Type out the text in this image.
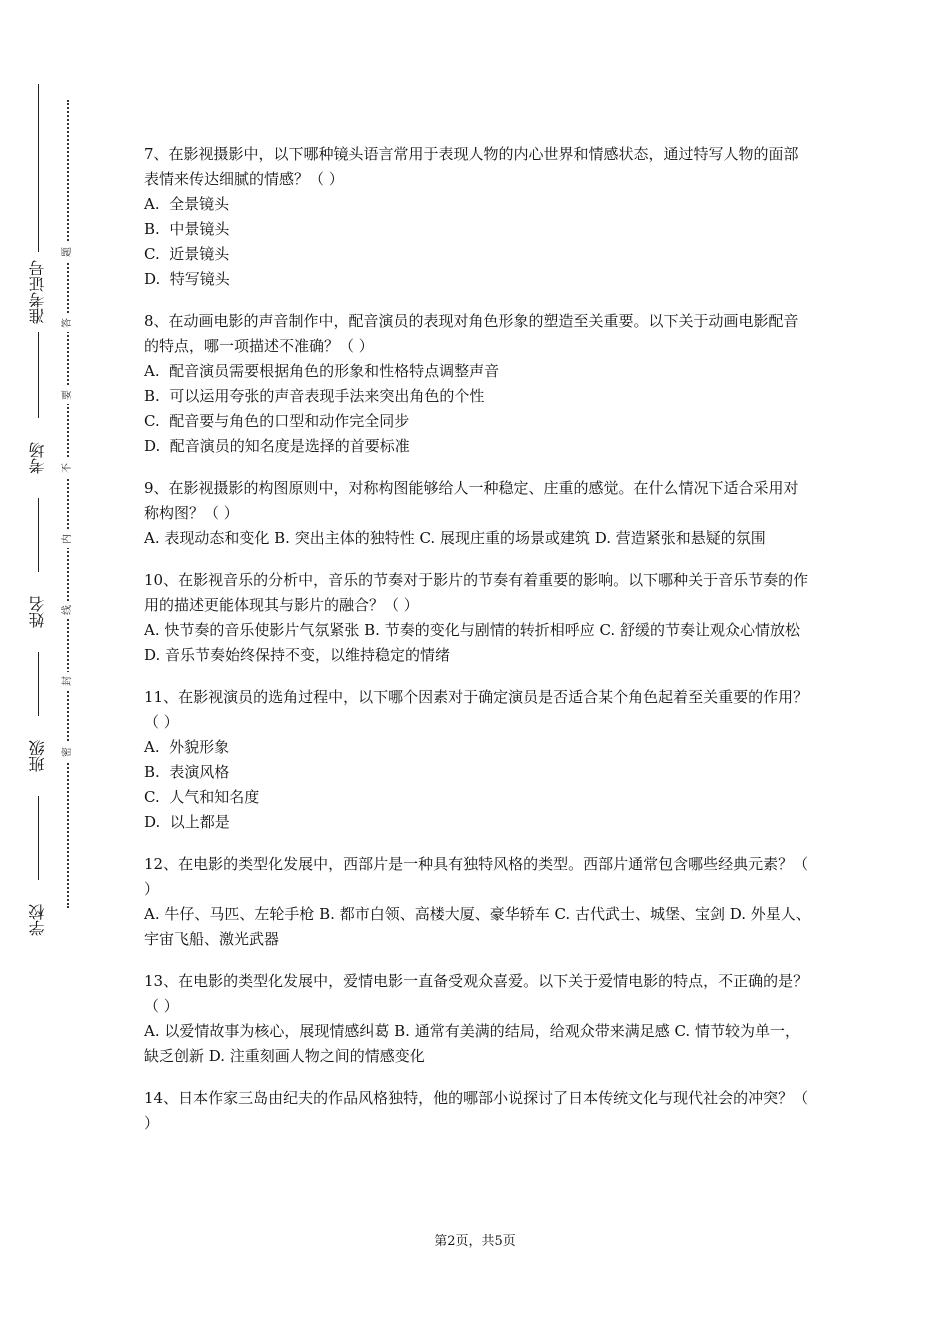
准考证号
考场
姓名
班级
学校
题
答
要
不
内
线
封
密

7、在影视摄影中，以下哪种镜头语言常用于表现人物的内心世界和情感状态，通过特写人物的面部表情来传达细腻的情感？（ ）

A.  全景镜头

B.  中景镜头

C.  近景镜头

D.  特写镜头

8、在动画电影的声音制作中，配音演员的表现对角色形象的塑造至关重要。以下关于动画电影配音的特点，哪一项描述不准确？（ ）

A.  配音演员需要根据角色的形象和性格特点调整声音

B.  可以运用夸张的声音表现手法来突出角色的个性

C.  配音要与角色的口型和动作完全同步

D.  配音演员的知名度是选择的首要标准

9、在影视摄影的构图原则中，对称构图能够给人一种稳定、庄重的感觉。在什么情况下适合采用对称构图？（ ）

A. 表现动态和变化 B. 突出主体的独特性 C. 展现庄重的场景或建筑 D. 营造紧张和悬疑的氛围

10、在影视音乐的分析中，音乐的节奏对于影片的节奏有着重要的影响。以下哪种关于音乐节奏的作用的描述更能体现其与影片的融合？（ ）

A. 快节奏的音乐使影片气氛紧张 B. 节奏的变化与剧情的转折相呼应 C. 舒缓的节奏让观众心情放松 D. 音乐节奏始终保持不变，以维持稳定的情绪

11、在影视演员的选角过程中，以下哪个因素对于确定演员是否适合某个角色起着至关重要的作用？（ ）

A.  外貌形象

B.  表演风格

C.  人气和知名度

D.  以上都是

12、在电影的类型化发展中，西部片是一种具有独特风格的类型。西部片通常包含哪些经典元素？（ ）

A. 牛仔、马匹、左轮手枪 B. 都市白领、高楼大厦、豪华轿车 C. 古代武士、城堡、宝剑 D. 外星人、宇宙飞船、激光武器

13、在电影的类型化发展中，爱情电影一直备受观众喜爱。以下关于爱情电影的特点，不正确的是？（ ）

A. 以爱情故事为核心，展现情感纠葛 B. 通常有美满的结局，给观众带来满足感 C. 情节较为单一，缺乏创新 D. 注重刻画人物之间的情感变化

14、日本作家三岛由纪夫的作品风格独特，他的哪部小说探讨了日本传统文化与现代社会的冲突？（ ）

第2页，共5页
